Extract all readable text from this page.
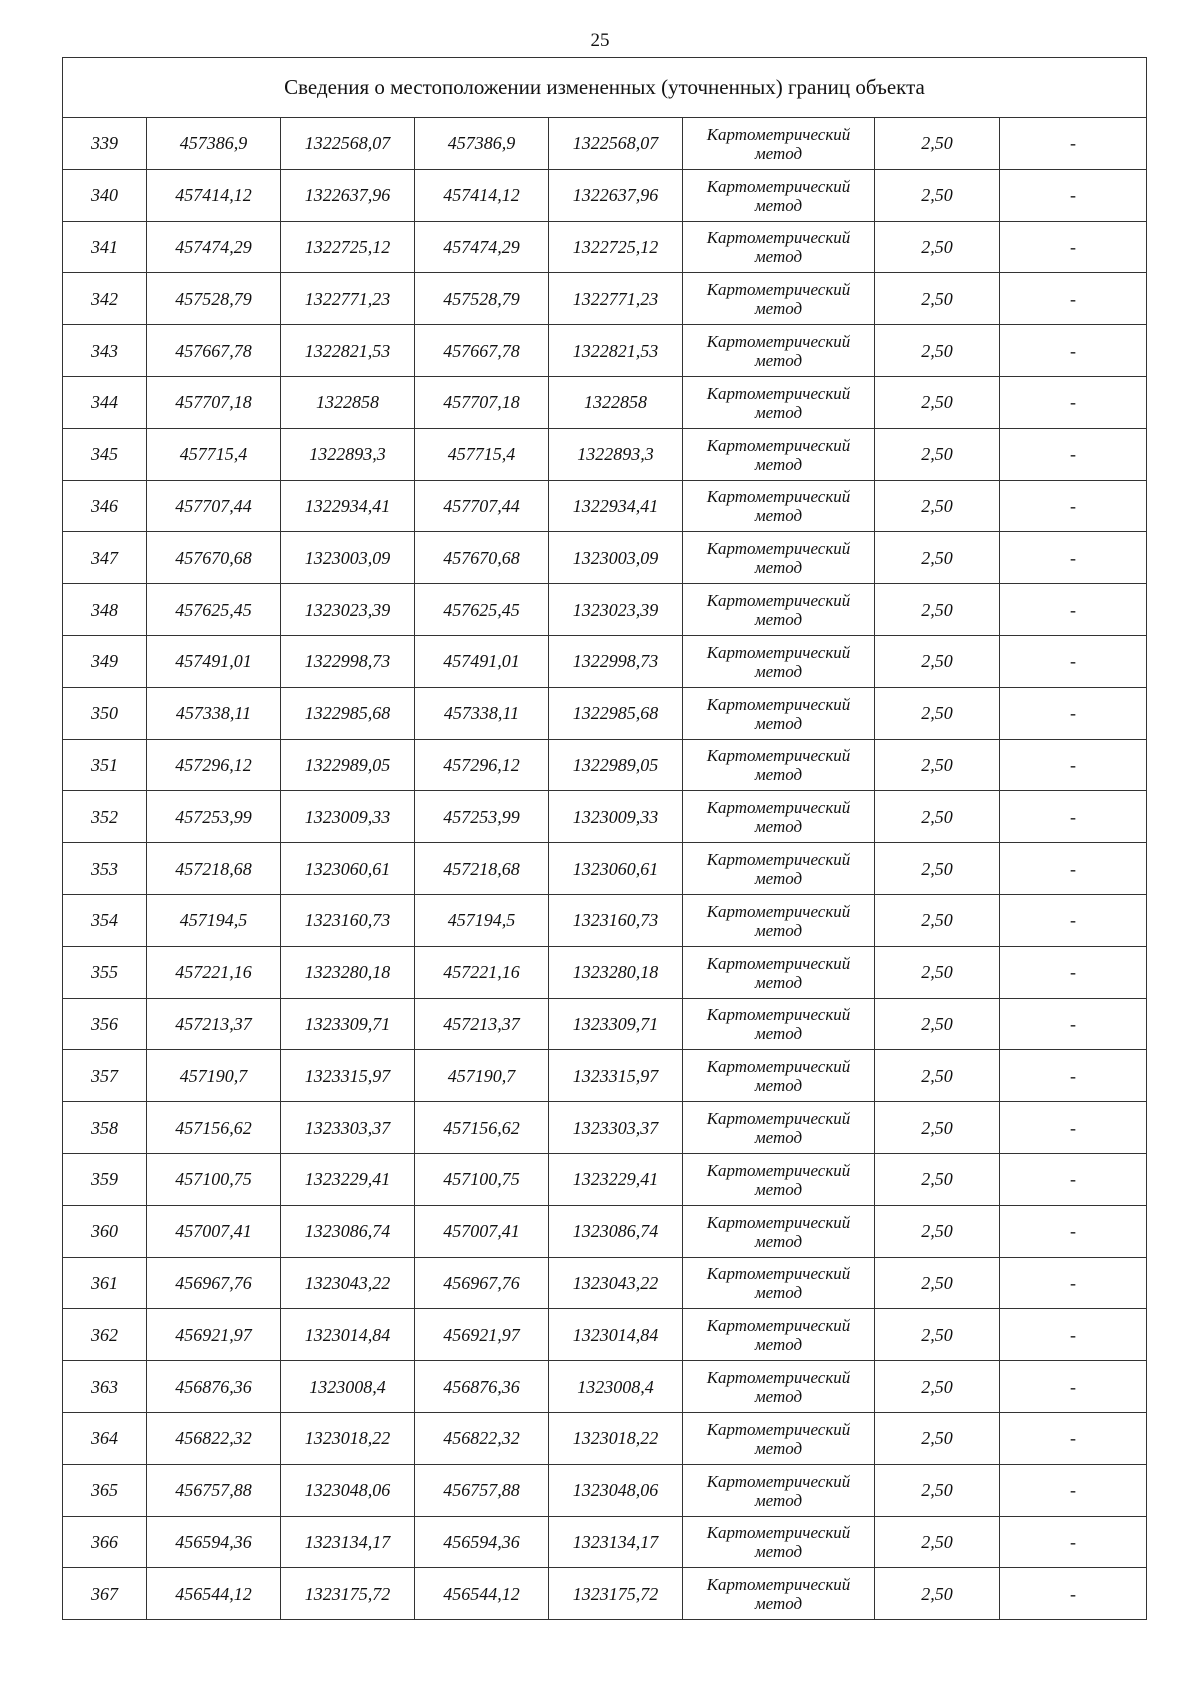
25
Сведения о местоположении измененных (уточненных) границ объекта							
339	457386,9	1322568,07	457386,9	1322568,07	Картометрический метод	2,50	-
340	457414,12	1322637,96	457414,12	1322637,96	Картометрический метод	2,50	-
341	457474,29	1322725,12	457474,29	1322725,12	Картометрический метод	2,50	-
342	457528,79	1322771,23	457528,79	1322771,23	Картометрический метод	2,50	-
343	457667,78	1322821,53	457667,78	1322821,53	Картометрический метод	2,50	-
344	457707,18	1322858	457707,18	1322858	Картометрический метод	2,50	-
345	457715,4	1322893,3	457715,4	1322893,3	Картометрический метод	2,50	-
346	457707,44	1322934,41	457707,44	1322934,41	Картометрический метод	2,50	-
347	457670,68	1323003,09	457670,68	1323003,09	Картометрический метод	2,50	-
348	457625,45	1323023,39	457625,45	1323023,39	Картометрический метод	2,50	-
349	457491,01	1322998,73	457491,01	1322998,73	Картометрический метод	2,50	-
350	457338,11	1322985,68	457338,11	1322985,68	Картометрический метод	2,50	-
351	457296,12	1322989,05	457296,12	1322989,05	Картометрический метод	2,50	-
352	457253,99	1323009,33	457253,99	1323009,33	Картометрический метод	2,50	-
353	457218,68	1323060,61	457218,68	1323060,61	Картометрический метод	2,50	-
354	457194,5	1323160,73	457194,5	1323160,73	Картометрический метод	2,50	-
355	457221,16	1323280,18	457221,16	1323280,18	Картометрический метод	2,50	-
356	457213,37	1323309,71	457213,37	1323309,71	Картометрический метод	2,50	-
357	457190,7	1323315,97	457190,7	1323315,97	Картометрический метод	2,50	-
358	457156,62	1323303,37	457156,62	1323303,37	Картометрический метод	2,50	-
359	457100,75	1323229,41	457100,75	1323229,41	Картометрический метод	2,50	-
360	457007,41	1323086,74	457007,41	1323086,74	Картометрический метод	2,50	-
361	456967,76	1323043,22	456967,76	1323043,22	Картометрический метод	2,50	-
362	456921,97	1323014,84	456921,97	1323014,84	Картометрический метод	2,50	-
363	456876,36	1323008,4	456876,36	1323008,4	Картометрический метод	2,50	-
364	456822,32	1323018,22	456822,32	1323018,22	Картометрический метод	2,50	-
365	456757,88	1323048,06	456757,88	1323048,06	Картометрический метод	2,50	-
366	456594,36	1323134,17	456594,36	1323134,17	Картометрический метод	2,50	-
367	456544,12	1323175,72	456544,12	1323175,72	Картометрический метод	2,50	-
